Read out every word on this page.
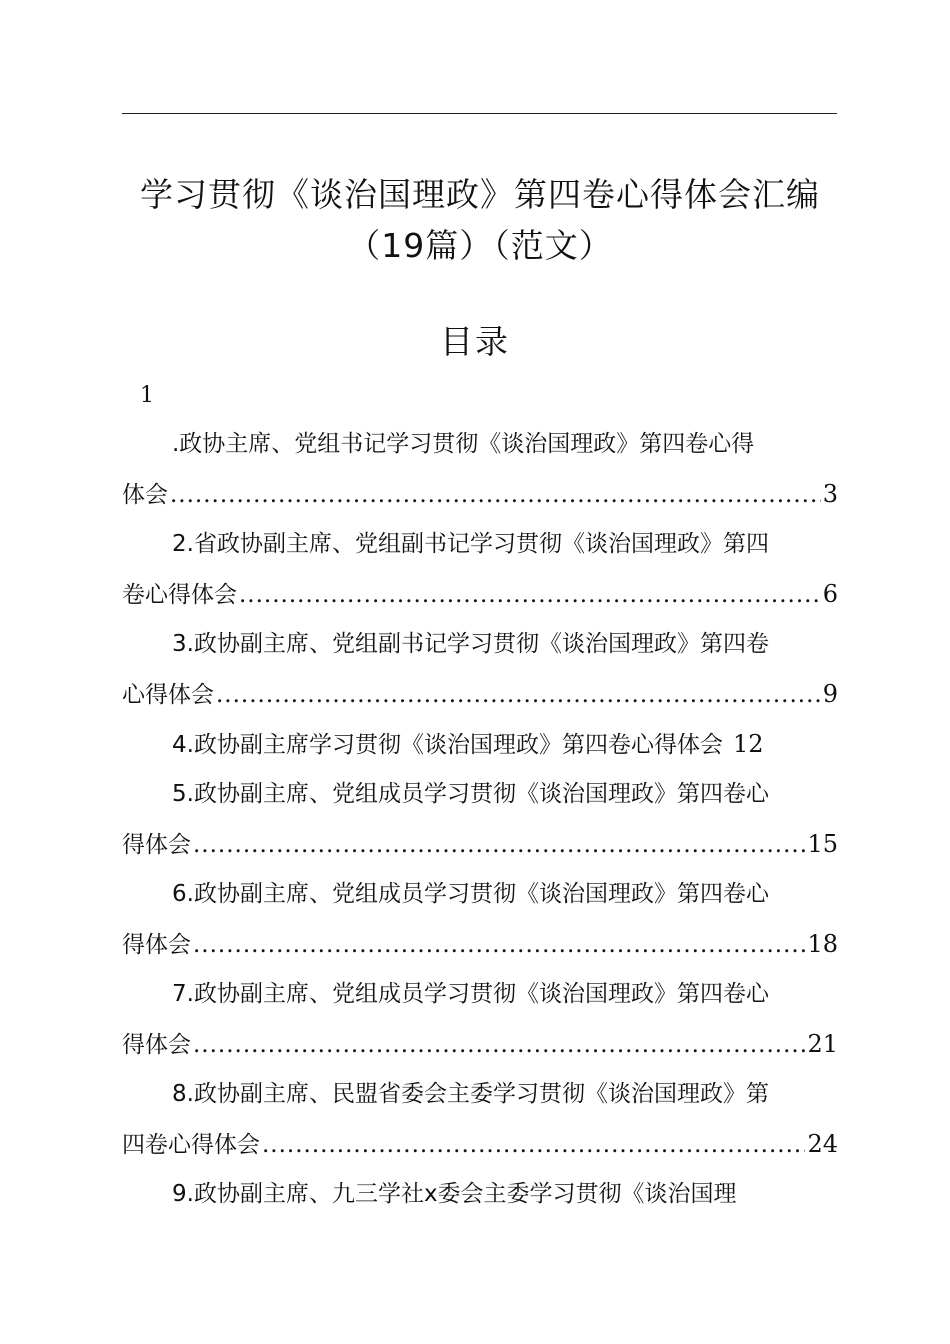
学习贯彻《谈治国理政》第四卷心得体会汇编
（19篇）（范文）
目录
1
.政协主席、党组书记学习贯彻《谈治国理政》第四卷心得
体会 .....	3
2.省政协副主席、党组副书记学习贯彻《谈治国理政》第四
卷心得体会 .....	6
3.政协副主席、党组副书记学习贯彻《谈治国理政》第四卷
心得体会 .....	9
4.政协副主席学习贯彻《谈治国理政》第四卷心得体会 12
5.政协副主席、党组成员学习贯彻《谈治国理政》第四卷心
得体会 .....	15
6.政协副主席、党组成员学习贯彻《谈治国理政》第四卷心
得体会 .....	18
7.政协副主席、党组成员学习贯彻《谈治国理政》第四卷心
得体会 .....	21
8.政协副主席、民盟省委会主委学习贯彻《谈治国理政》第
四卷心得体会 .....	24
9.政协副主席、九三学社x委会主委学习贯彻《谈治国理
